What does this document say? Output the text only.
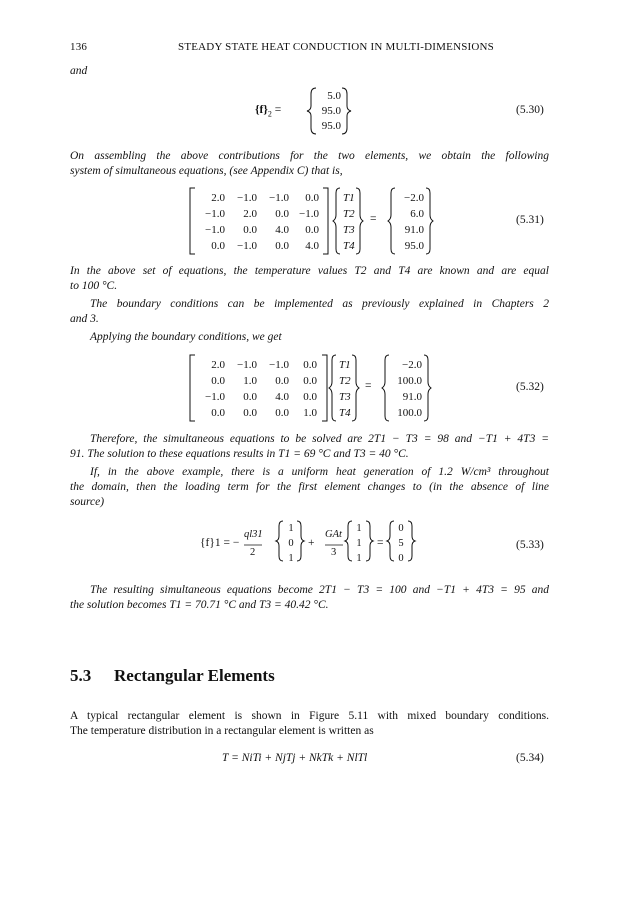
136	STEADY STATE HEAT CONDUCTION IN MULTI-DIMENSIONS
and
$\{f\}_2$ =
5.0
95.0
95.0
(5.30)
On assembling the above contributions for the two elements, we obtain the following
system of simultaneous equations, (see Appendix C) that is,
2.0 −1.0 −1.0 0.0
−1.0 2.0 0.0 −1.0
−1.0 0.0 4.0 0.0
0.0 −1.0 0.0 4.0
T1
T2
T3
T4
=
−2.0
6.0
91.0
95.0
(5.31)
In the above set of equations, the temperature values T2 and T4 are known and are equal
to 100 °C.
The boundary conditions can be implemented as previously explained in Chapters 2
and 3.
Applying the boundary conditions, we get
2.0 −1.0 −1.0 0.0
0.0 1.0 0.0 0.0
−1.0 0.0 4.0 0.0
0.0 0.0 0.0 1.0
T1
T2
T3
T4
=
−2.0
100.0
91.0
100.0
(5.32)
Therefore, the simultaneous equations to be solved are 2T1 − T3 = 98 and −T1 + 4T3 =
91. The solution to these equations results in T1 = 69 °C and T3 = 40 °C.
If, in the above example, there is a uniform heat generation of 1.2 W/cm³ throughout
the domain, then the loading term for the first element changes to (in the absence of line
source)
{f}1 = −
ql31
2
1
0
1
+
GAt
3
1
1
1
=
0
5
0
(5.33)
The resulting simultaneous equations become 2T1 − T3 = 100 and −T1 + 4T3 = 95 and
the solution becomes T1 = 70.71 °C and T3 = 40.42 °C.
5.3 Rectangular Elements
A typical rectangular element is shown in Figure 5.11 with mixed boundary conditions.
The temperature distribution in a rectangular element is written as
T = NiTi + NjTj + NkTk + NlTl	(5.34)
